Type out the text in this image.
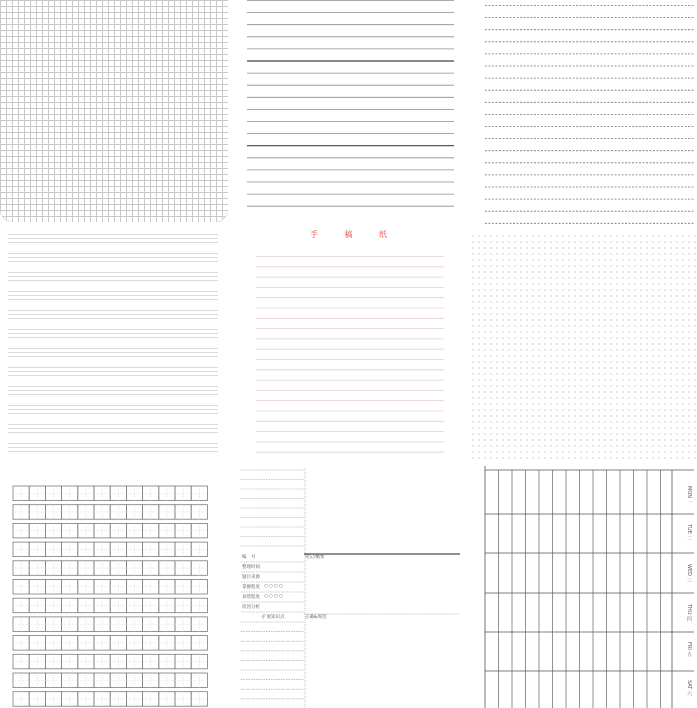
手 稿 纸
编　号	笔记/概要
整理时间
题目来源
掌握程度 ○○○○
易错程度 ○○○○
原因分析
扩展知识点	正确&规范
MON 一
TUE 二
WED 三
THU 四
FRI 五
SAT 六
